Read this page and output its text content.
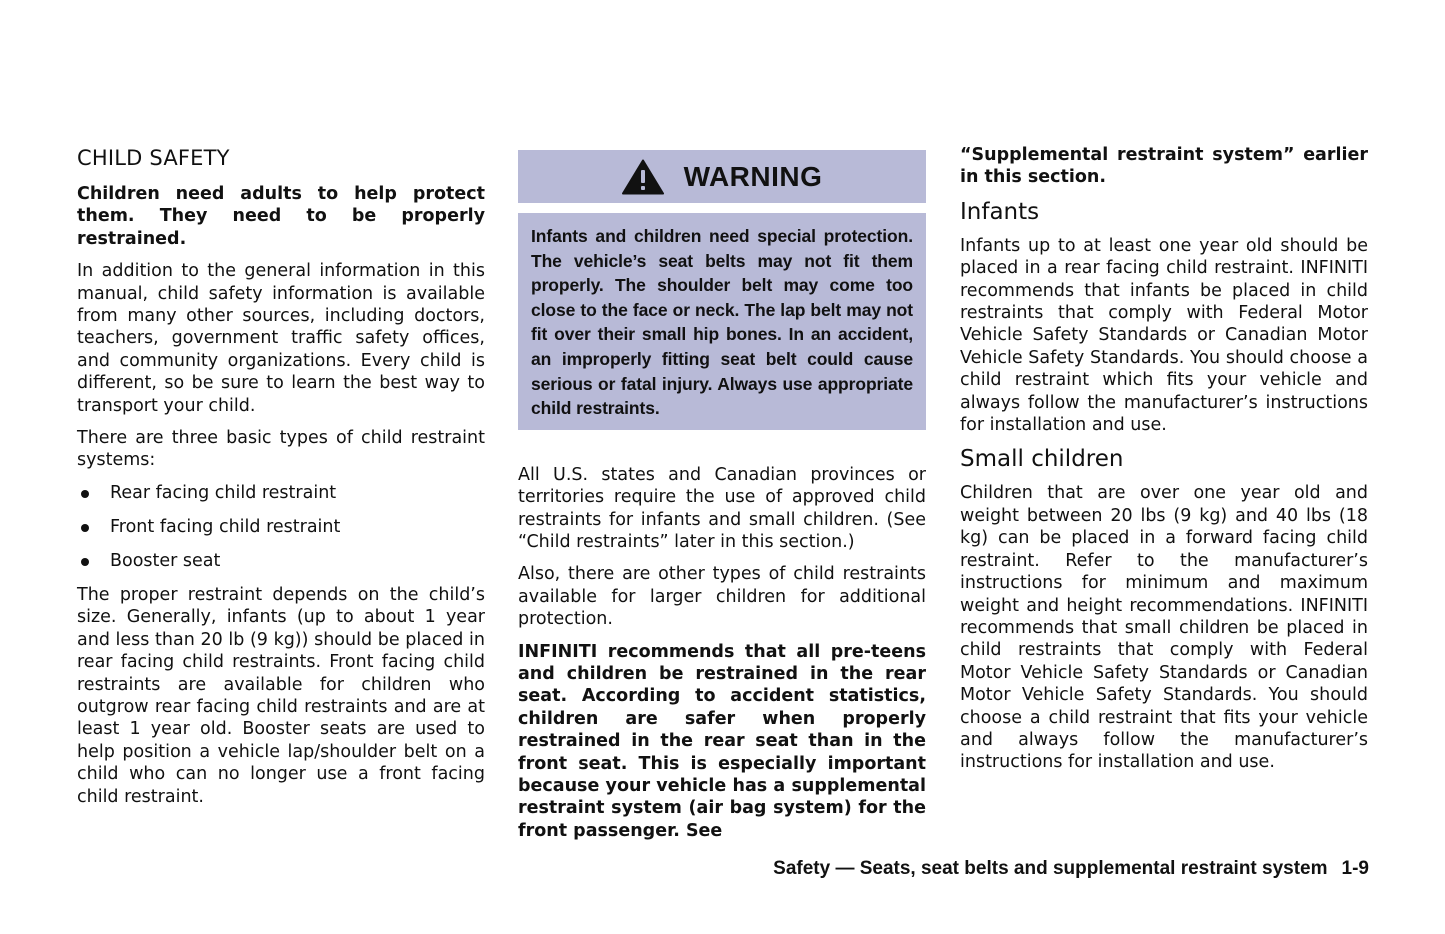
CHILD SAFETY

Children need adults to help protect them. They need to be properly restrained.

In addition to the general information in this manual, child safety information is available from many other sources, including doctors, teachers, government traffic safety offices, and community organizations. Every child is different, so be sure to learn the best way to transport your child.

There are three basic types of child restraint systems:

Rear facing child restraint
Front facing child restraint
Booster seat

The proper restraint depends on the child’s size. Generally, infants (up to about 1 year and less than 20 lb (9 kg)) should be placed in rear facing child restraints. Front facing child restraints are available for children who outgrow rear facing child restraints and are at least 1 year old. Booster seats are used to help position a vehicle lap/shoulder belt on a child who can no longer use a front facing child restraint.

WARNING

Infants and children need special protection. The vehicle’s seat belts may not fit them properly. The shoulder belt may come too close to the face or neck. The lap belt may not fit over their small hip bones. In an accident, an improperly fitting seat belt could cause serious or fatal injury. Always use appropriate child restraints.

All U.S. states and Canadian provinces or territories require the use of approved child restraints for infants and small children. (See “Child restraints” later in this section.)

Also, there are other types of child restraints available for larger children for additional protection.

INFINITI recommends that all pre-teens and children be restrained in the rear seat. According to accident statistics, children are safer when properly restrained in the rear seat than in the front seat. This is especially important because your vehicle has a supplemental restraint system (air bag system) for the front passenger. See

“Supplemental restraint system” earlier in this section.

Infants

Infants up to at least one year old should be placed in a rear facing child restraint. INFINITI recommends that infants be placed in child restraints that comply with Federal Motor Vehicle Safety Standards or Canadian Motor Vehicle Safety Standards. You should choose a child restraint which fits your vehicle and always follow the manufacturer’s instructions for installation and use.

Small children

Children that are over one year old and weight between 20 lbs (9 kg) and 40 lbs (18 kg) can be placed in a forward facing child restraint. Refer to the manufacturer’s instructions for minimum and maximum weight and height recommendations. INFINITI recommends that small children be placed in child restraints that comply with Federal Motor Vehicle Safety Standards or Canadian Motor Vehicle Safety Standards. You should choose a child restraint that fits your vehicle and always follow the manufacturer’s instructions for installation and use.

Safety — Seats, seat belts and supplemental restraint system 1-9
